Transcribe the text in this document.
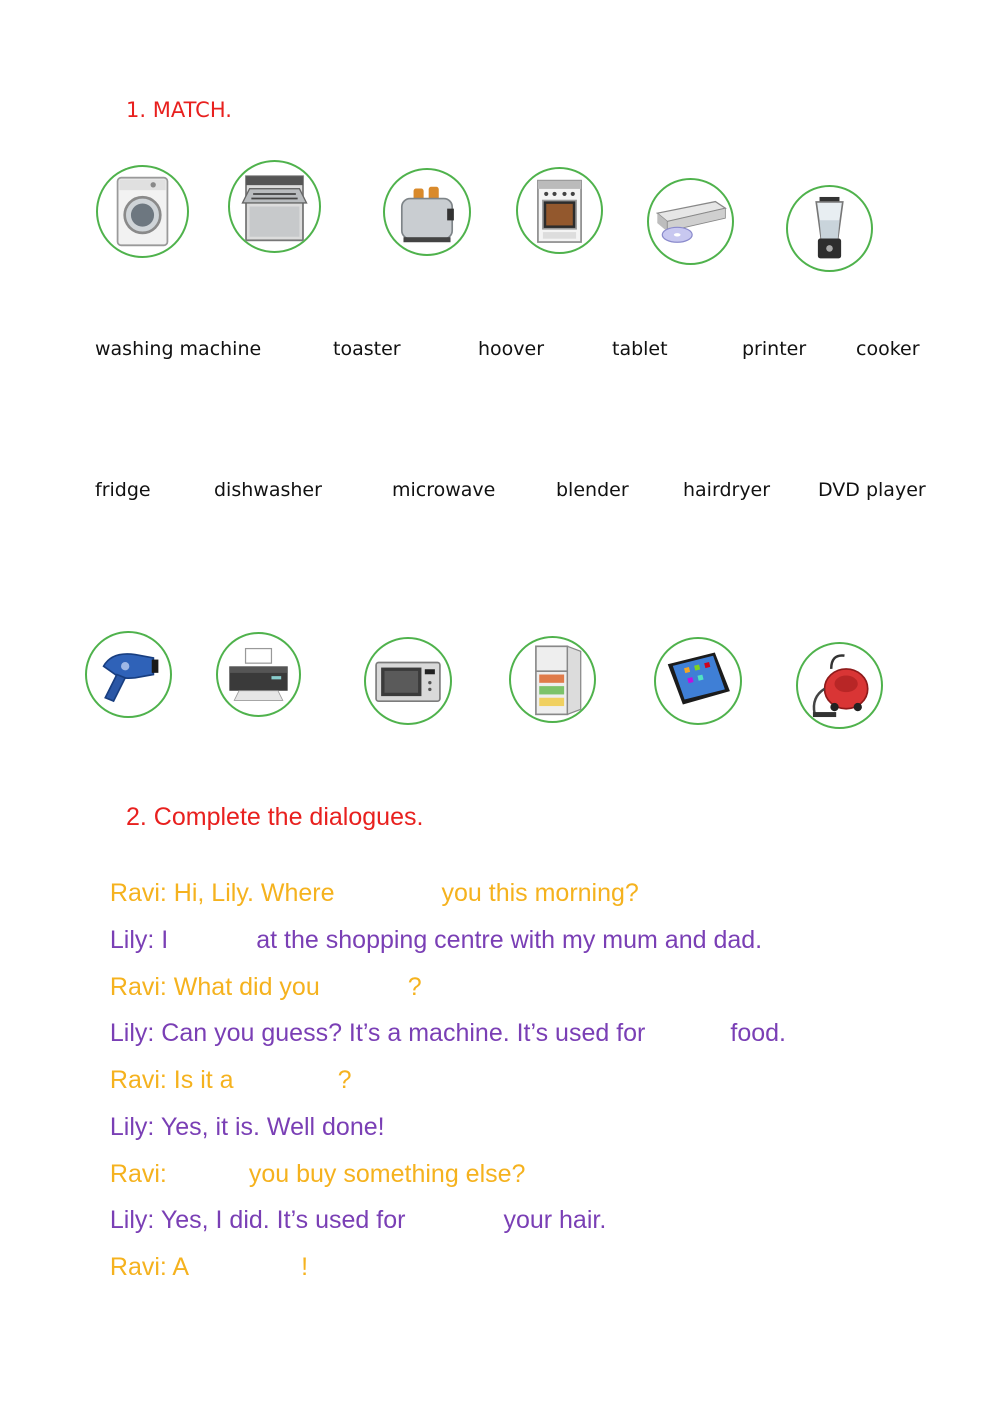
1. MATCH.
washing machine	toaster	hoover	tablet	printer	cooker
fridge	dishwasher	microwave	blender	hairdryer	DVD player
2. Complete the dialogues.

Ravi: Hi, Lily. Where	you this morning?

Lily: I	at the shopping centre with my mum and dad.

Ravi: What did you	?

Lily: Can you guess? It’s a machine. It’s used for	food.

Ravi: Is it a	?

Lily: Yes, it is. Well done!

Ravi:	you buy something else?

Lily: Yes, I did. It’s used for	your hair.

Ravi: A	!
